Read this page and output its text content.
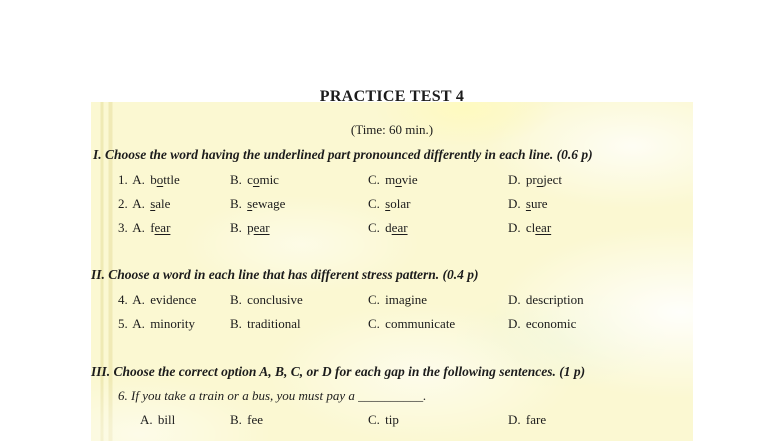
PRACTICE TEST 4
(Time: 60 min.)
I. Choose the word having the underlined part pronounced differently in each line. (0.6 p)
1. A. bottle	B. comic	C. movie	D. project
2. A. sale	B. sewage	C. solar	D. sure
3. A. fear	B. pear	C. dear	D. clear
II. Choose a word in each line that has different stress pattern. (0.4 p)
4. A. evidence	B. conclusive	C. imagine	D. description
5. A. minority	B. traditional	C. communicate	D. economic
III. Choose the correct option A, B, C, or D for each gap in the following sentences. (1 p)
6. If you take a train or a bus, you must pay a __________.
A. bill	B. fee	C. tip	D. fare
